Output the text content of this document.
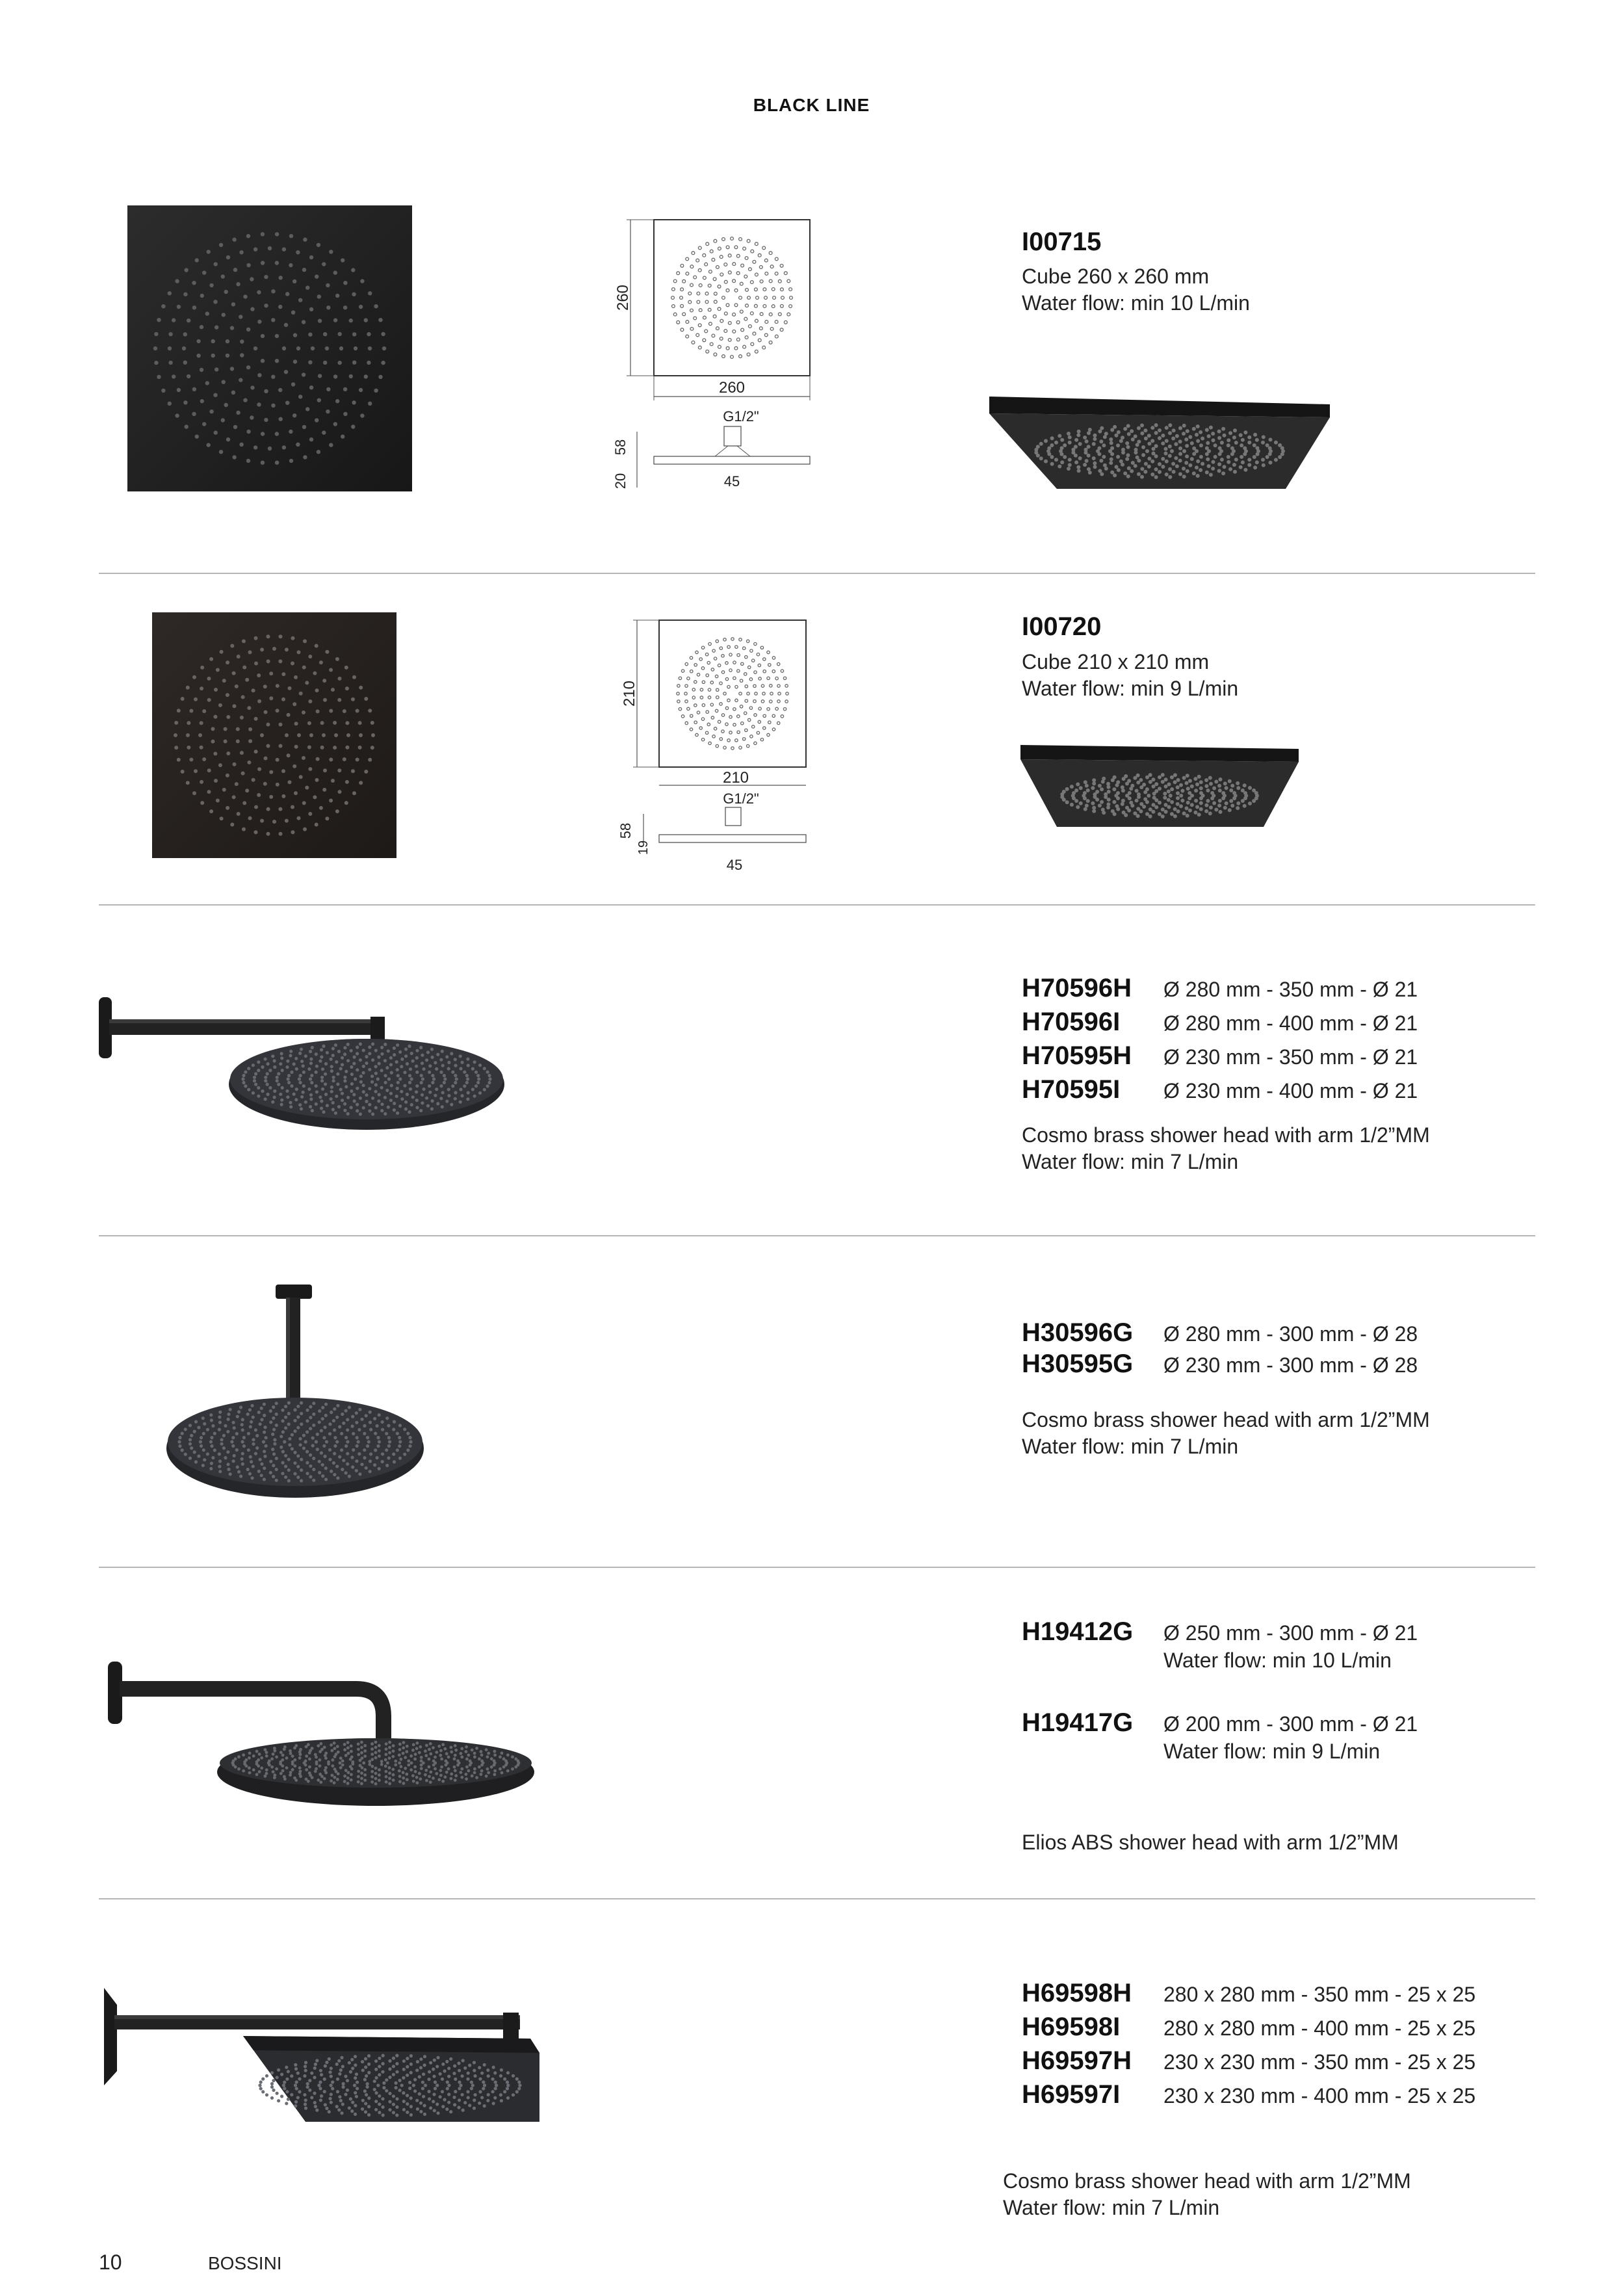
BLACK LINE
260
260
G1/2"
58
20	45
I00715
Cube 260 x 260 mm
Water flow: min 10 L/min
210
210
G1/2"
58
19
45
I00720
Cube 210 x 210 mm
Water flow: min 9 L/min
H70596H	Ø 280 mm - 350 mm - Ø 21
H70596I	Ø 280 mm - 400 mm - Ø 21
H70595H	Ø 230 mm - 350 mm - Ø 21
H70595I	Ø 230 mm - 400 mm - Ø 21
Cosmo brass shower head with arm 1/2”MM
Water flow: min 7 L/min
H30596G	Ø 280 mm - 300 mm - Ø 28
H30595G	Ø 230 mm - 300 mm - Ø 28
Cosmo brass shower head with arm 1/2”MM
Water flow: min 7 L/min
H19412G	Ø 250 mm - 300 mm - Ø 21
Water flow: min 10 L/min
H19417G	Ø 200 mm - 300 mm - Ø 21
Water flow: min 9 L/min
Elios ABS shower head with arm 1/2”MM
H69598H	280 x 280 mm - 350 mm - 25 x 25
H69598I	280 x 280 mm - 400 mm - 25 x 25
H69597H	230 x 230 mm - 350 mm - 25 x 25
H69597I	230 x 230 mm - 400 mm - 25 x 25
Cosmo brass shower head with arm 1/2”MM
Water flow: min 7 L/min
10	BOSSINI
